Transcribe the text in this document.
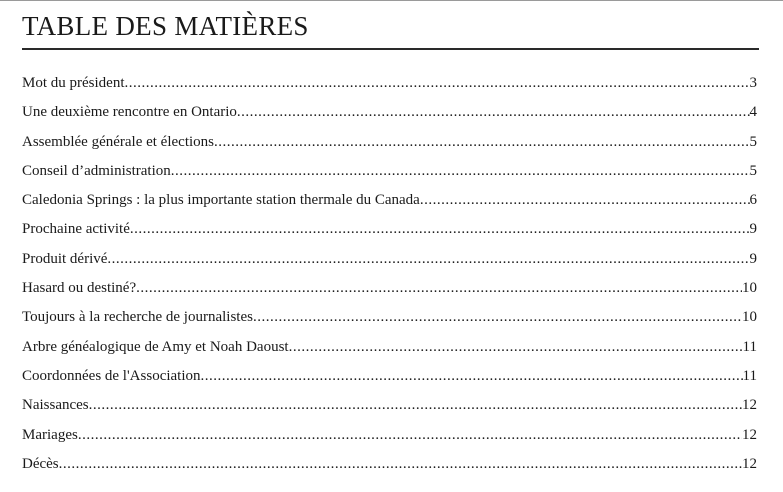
TABLE DES MATIÈRES
Mot du président .....	3
Une deuxième rencontre en Ontario .....	4
Assemblée générale et élections .....	5
Conseil d’administration .....	5
Caledonia Springs : la plus importante station thermale du Canada .....	6
Prochaine activité .....	9
Produit dérivé .....	9
Hasard ou destiné? .....	10
Toujours à la recherche de journalistes .....	10
Arbre généalogique de Amy et Noah Daoust .....	11
Coordonnées de l'Association .....	11
Naissances .....	12
Mariages .....	12
Décès .....	12
